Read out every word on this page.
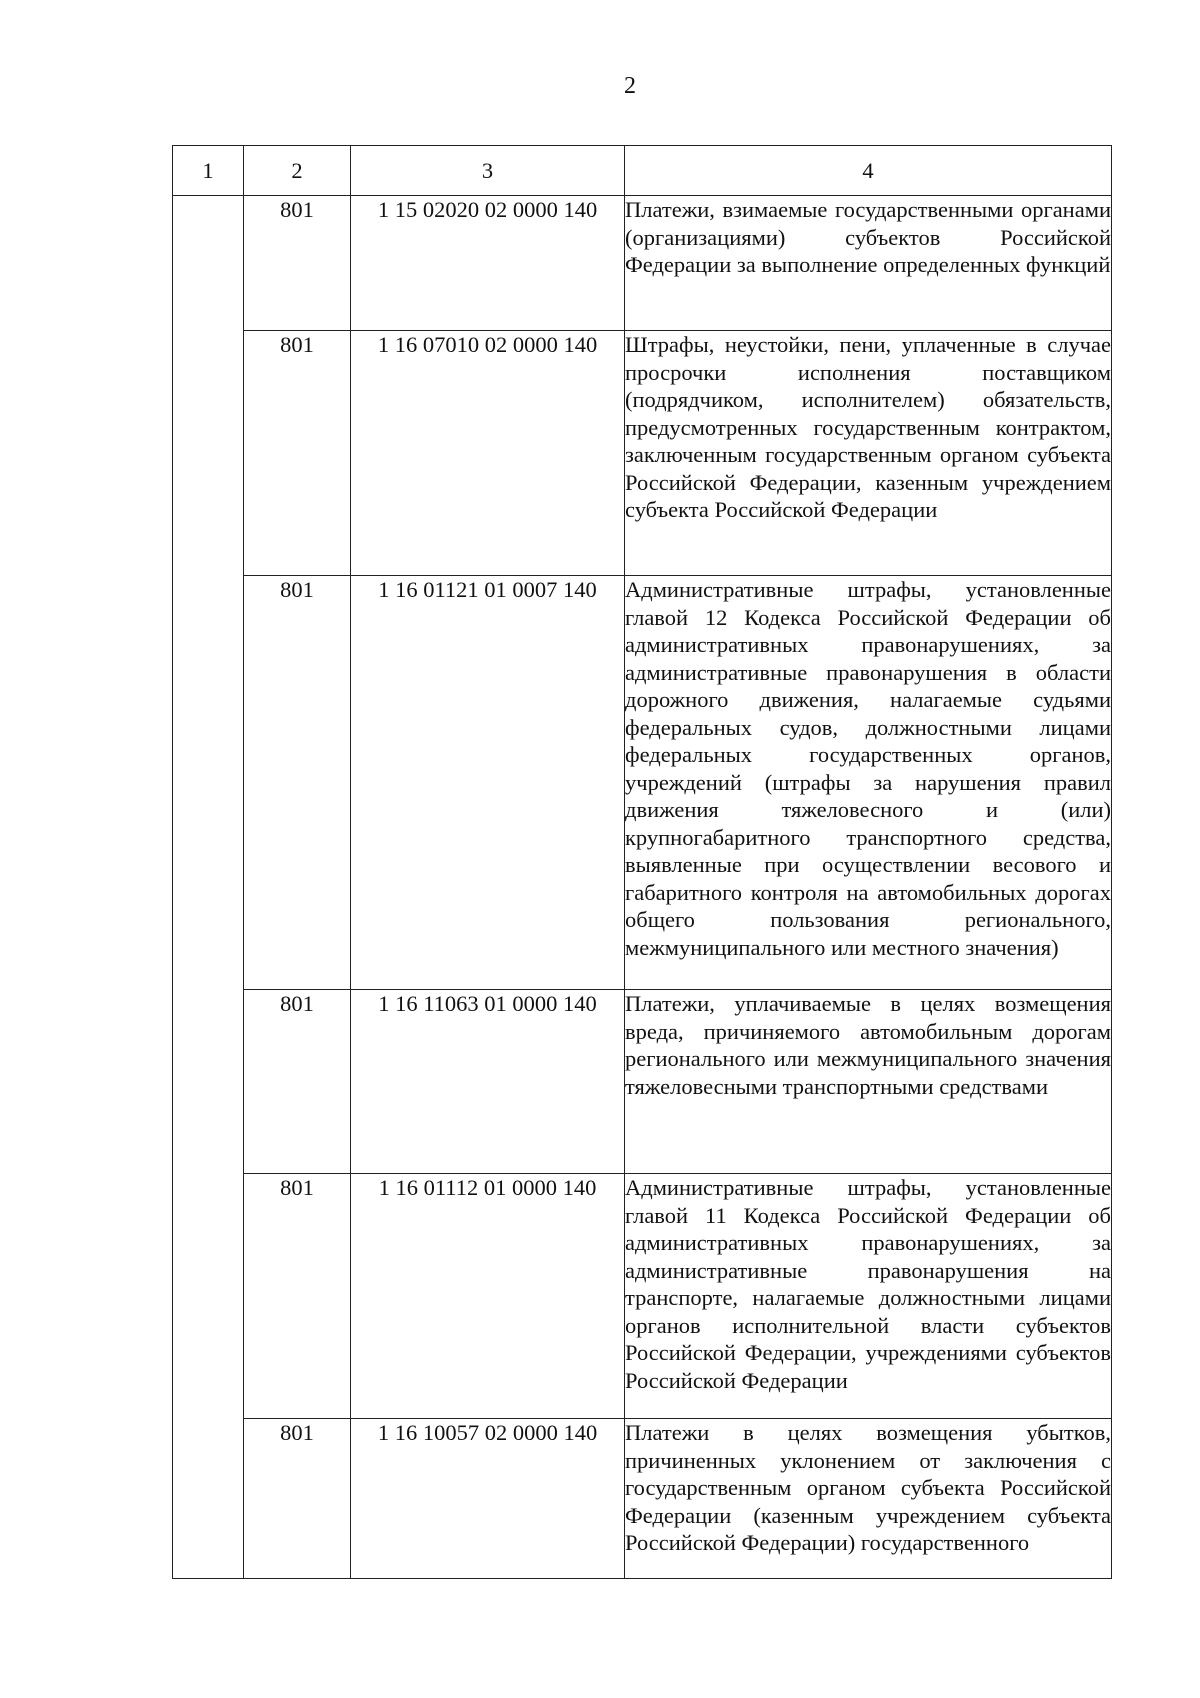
2
1	2	3	4
	801	1 15 02020 02 0000 140	Платежи, взимаемые государственными органами (организациями) субъектов Российской Федерации за выполнение определенных функций
	801	1 16 07010 02 0000 140	Штрафы, неустойки, пени, уплаченные в случае просрочки исполнения поставщиком (подрядчиком, исполнителем) обязательств, предусмотренных государственным контрактом, заключенным государственным органом субъекта Российской Федерации, казенным учреждением субъекта Российской Федерации
	801	1 16 01121 01 0007 140	Административные штрафы, установленные главой 12 Кодекса Российской Федерации об административных правонарушениях, за административные правонарушения в области дорожного движения, налагаемые судьями федеральных судов, должностными лицами федеральных государственных органов, учреждений (штрафы за нарушения правил движения тяжеловесного и (или) крупногабаритного транспортного средства, выявленные при осуществлении весового и габаритного контроля на автомобильных дорогах общего пользования регионального, межмуниципального или местного значения)
	801	1 16 11063 01 0000 140	Платежи, уплачиваемые в целях возмещения вреда, причиняемого автомобильным дорогам регионального или межмуниципального значения тяжеловесными транспортными средствами
	801	1 16 01112 01 0000 140	Административные штрафы, установленные главой 11 Кодекса Российской Федерации об административных правонарушениях, за административные правонарушения на транспорте, налагаемые должностными лицами органов исполнительной власти субъектов Российской Федерации, учреждениями субъектов Российской Федерации
	801	1 16 10057 02 0000 140	Платежи в целях возмещения убытков, причиненных уклонением от заключения с государственным органом субъекта Российской Федерации (казенным учреждением субъекта Российской Федерации) государственного
